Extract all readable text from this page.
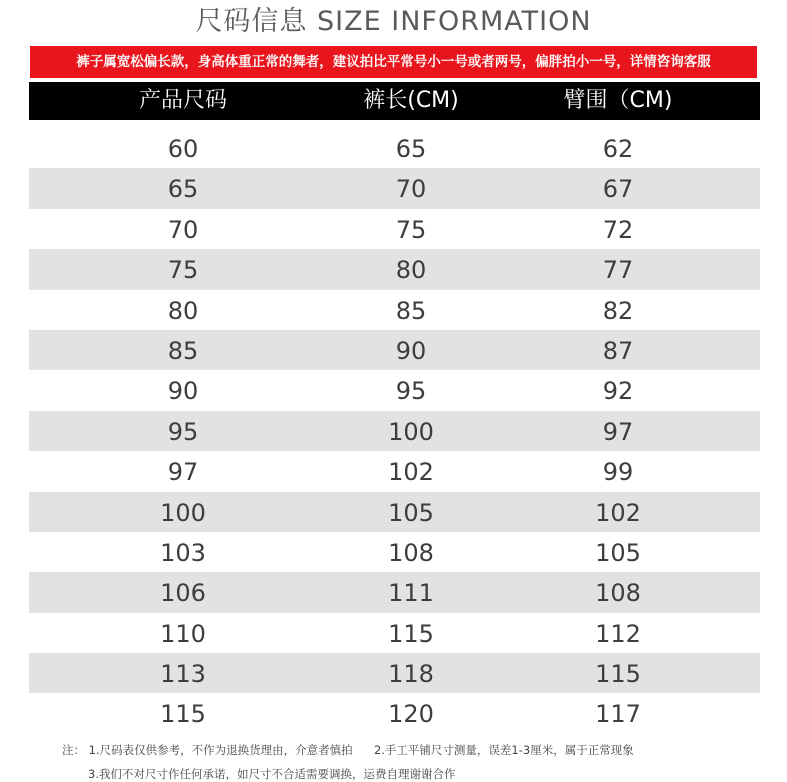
尺码信息 SIZE INFORMATION
裤子属宽松偏长款，身高体重正常的舞者，建议拍比平常号小一号或者两号，偏胖拍小一号，详情咨询客服
产品尺码	裤长(CM)	臂围（CM)
60	65	62
65	70	67
70	75	72
75	80	77
80	85	82
85	90	87
90	95	92
95	100	97
97	102	99
100	105	102
103	108	105
106	111	108
110	115	112
113	118	115
115	120	117
注： 1.尺码表仅供参考，不作为退换货理由，介意者慎拍 2.手工平铺尺寸测量，误差1-3厘米，属于正常现象
3.我们不对尺寸作任何承诺，如尺寸不合适需要调换，运费自理谢谢合作
